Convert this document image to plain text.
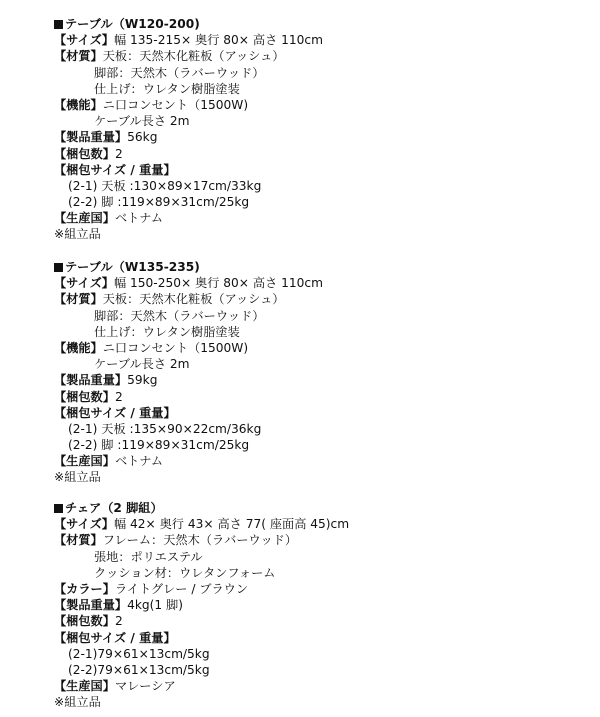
テーブル（W120-200)
【サイズ】幅 135-215× 奥行 80× 高さ 110cm
【材質】天板：天然木化粧板（アッシュ）
脚部：天然木（ラバーウッド）
仕上げ：ウレタン樹脂塗装
【機能】ニ口コンセント（1500W)
ケーブル長さ 2m
【製品重量】56kg
【梱包数】2
【梱包サイズ / 重量】
(2-1) 天板 :130×89×17cm/33kg
(2-2) 脚 :119×89×31cm/25kg
【生産国】ベトナム
※組立品
テーブル（W135-235)
【サイズ】幅 150-250× 奥行 80× 高さ 110cm
【材質】天板：天然木化粧板（アッシュ）
脚部：天然木（ラバーウッド）
仕上げ：ウレタン樹脂塗装
【機能】ニ口コンセント（1500W)
ケーブル長さ 2m
【製品重量】59kg
【梱包数】2
【梱包サイズ / 重量】
(2-1) 天板 :135×90×22cm/36kg
(2-2) 脚 :119×89×31cm/25kg
【生産国】ベトナム
※組立品
チェア（2 脚組）
【サイズ】幅 42× 奥行 43× 高さ 77( 座面高 45)cm
【材質】フレーム：天然木（ラバーウッド）
張地：ポリエステル
クッション材：ウレタンフォーム
【カラー】ライトグレー / ブラウン
【製品重量】4kg(1 脚)
【梱包数】2
【梱包サイズ / 重量】
(2-1)79×61×13cm/5kg
(2-2)79×61×13cm/5kg
【生産国】マレーシア
※組立品
